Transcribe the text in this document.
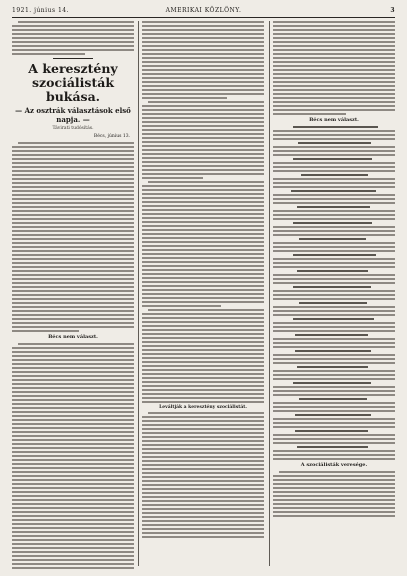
1921. június 14.	AMERIKAI KÖZLÖNY.	3
A keresztény szociálisták bukása.
— Az osztrák választások első napja. —
Távirati tudósítás.
Bécs, június 13.
Bécs nem választ.
Leváltják a keresztény szociálistát.
Bécs nem választ.
A szociálisták veresége.
